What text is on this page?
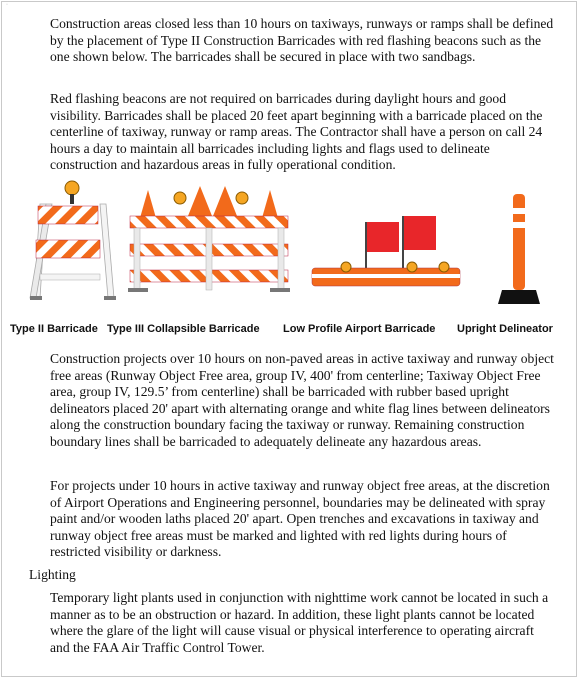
·

Construction areas closed less than 10 hours on taxiways, runways or ramps shall be defined by the placement of Type II Construction Barricades with red flashing beacons such as the one shown below. The barricades shall be secured in place with two sandbags.

Red flashing beacons are not required on barricades during daylight hours and good visibility. Barricades shall be placed 20 feet apart beginning with a barricade placed on the centerline of taxiway, runway or ramp areas. The Contractor shall have a person on call 24 hours a day to maintain all barricades including lights and flags used to delineate construction and hazardous areas in fully operational condition.

Type II Barricade Type III Collapsible Barricade Low Profile Airport Barricade Upright Delineator

Construction projects over 10 hours on non-paved areas in active taxiway and runway object free areas (Runway Object Free area, group IV, 400' from centerline; Taxiway Object Free area, group IV, 129.5’ from centerline) shall be barricaded with rubber based upright delineators placed 20' apart with alternating orange and white flag lines between delineators along the construction boundary facing the taxiway or runway. Remaining construction boundary lines shall be barricaded to adequately delineate any hazardous areas.

For projects under 10 hours in active taxiway and runway object free areas, at the discretion of Airport Operations and Engineering personnel, boundaries may be delineated with spray paint and/or wooden laths placed 20' apart. Open trenches and excavations in taxiway and runway object free areas must be marked and lighted with red lights during hours of restricted visibility or darkness.

Lighting

Temporary light plants used in conjunction with nighttime work cannot be located in such a manner as to be an obstruction or hazard. In addition, these light plants cannot be located where the glare of the light will cause visual or physical interference to operating aircraft and the FAA Air Traffic Control Tower.
